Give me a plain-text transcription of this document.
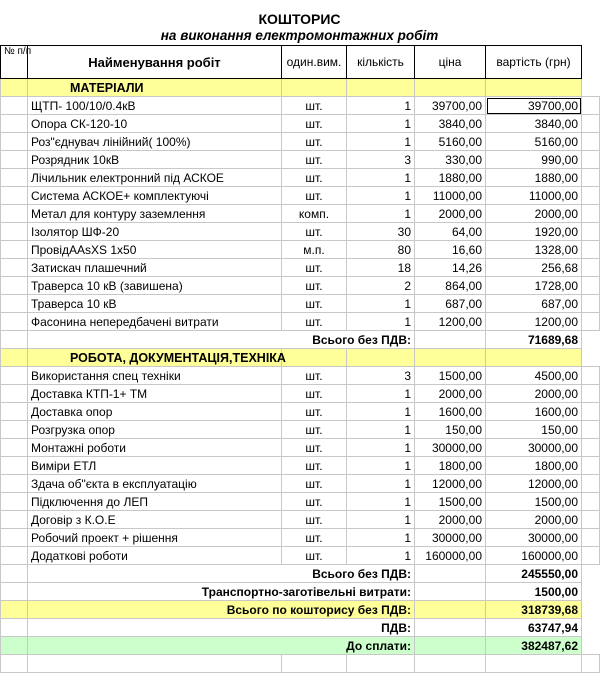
КОШТОРИС
на виконання електромонтажних робіт
№ п/п	Найменування робіт	один.вим.	кількість	ціна	вартість (грн)	
	МАТЕРІАЛИ					
	ЩТП- 100/10/0.4кВ	шт.	1	39700,00	39700,00	
	Опора СК-120-10	шт.	1	3840,00	3840,00	
	Роз"єднувач лінійний( 100%)	шт.	1	5160,00	5160,00	
	Розрядник 10кВ	шт.	3	330,00	990,00	
	Лічильник електронний під АСКОЕ	шт.	1	1880,00	1880,00	
	Система АСКОЕ+ комплектуючі	шт.	1	11000,00	11000,00	
	Метал для контуру заземлення	комп.	1	2000,00	2000,00	
	Ізолятор ШФ-20	шт.	30	64,00	1920,00	
	ПровідAAsXS 1x50	м.п.	80	16,60	1328,00	
	Затискач плашечний	шт.	18	14,26	256,68	
	Траверса 10 кВ (завишена)	шт.	2	864,00	1728,00	
	Траверса 10 кВ	шт.	1	687,00	687,00	
	Фасонина непередбачені витрати	шт.	1	1200,00	1200,00	
	Всього без ПДВ:				71689,68	
	РОБОТА, ДОКУМЕНТАЦІЯ,ТЕХНІКА					
	Використання спец техніки	шт.	3	1500,00	4500,00	
	Доставка КТП-1+ ТМ	шт.	1	2000,00	2000,00	
	Доставка опор	шт.	1	1600,00	1600,00	
	Розгрузка опор	шт.	1	150,00	150,00	
	Монтажні роботи	шт.	1	30000,00	30000,00	
	Виміри ЕТЛ	шт.	1	1800,00	1800,00	
	Здача об"єкта в експлуатацію	шт.	1	12000,00	12000,00	
	Підключення до ЛЕП	шт.	1	1500,00	1500,00	
	Договір з К.О.Е	шт.	1	2000,00	2000,00	
	Робочий проект + рішення	шт.	1	30000,00	30000,00	
	Додаткові роботи	шт.	1	160000,00	160000,00	
	Всього без ПДВ:				245550,00	
	Транспортно-заготівельні витрати:				1500,00	
	Всього по кошторису без ПДВ:				318739,68	
	ПДВ:				63747,94	
	До сплати:				382487,62	
